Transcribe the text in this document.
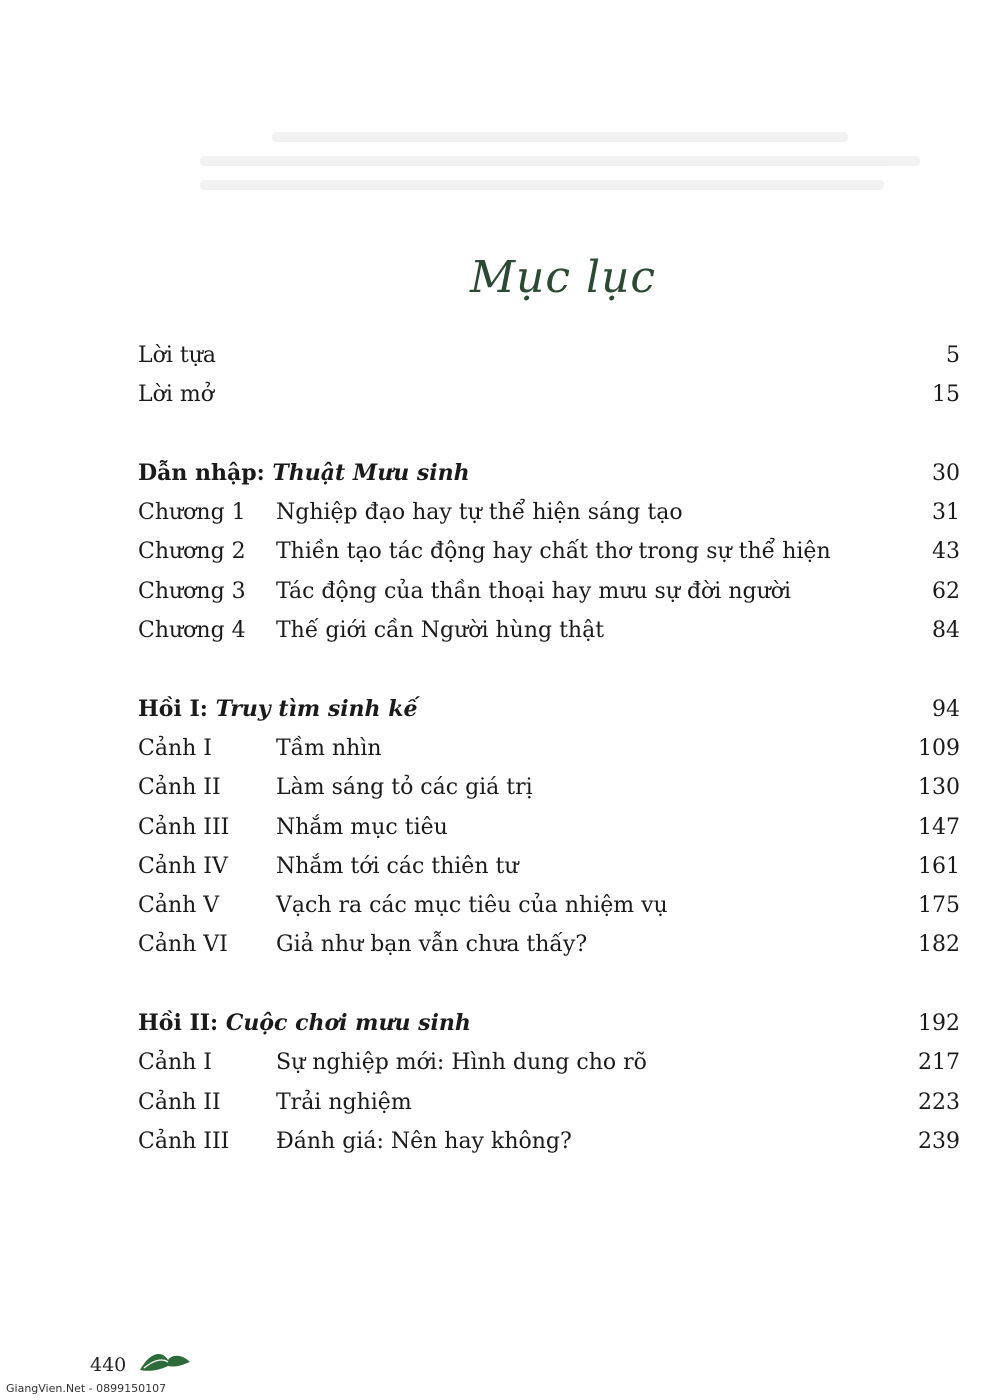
Mục lục
Lời tựa	5
Lời mở	15
Dẫn nhập: Thuật Mưu sinh	30
Chương 1 Nghiệp đạo hay tự thể hiện sáng tạo	31
Chương 2 Thiền tạo tác động hay chất thơ trong sự thể hiện	43
Chương 3 Tác động của thần thoại hay mưu sự đời người	62
Chương 4 Thế giới cần Người hùng thật	84
Hồi I: Truy tìm sinh kế	94
Cảnh I	Tầm nhìn	109
Cảnh II	Làm sáng tỏ các giá trị	130
Cảnh III Nhắm mục tiêu	147
Cảnh IV Nhắm tới các thiên tư	161
Cảnh V	Vạch ra các mục tiêu của nhiệm vụ	175
Cảnh VI Giả như bạn vẫn chưa thấy?	182
Hồi II: Cuộc chơi mưu sinh	192
Cảnh I	Sự nghiệp mới: Hình dung cho rõ	217
Cảnh II	Trải nghiệm	223
Cảnh III Đánh giá: Nên hay không?	239
440
GiangVien.Net - 0899150107
